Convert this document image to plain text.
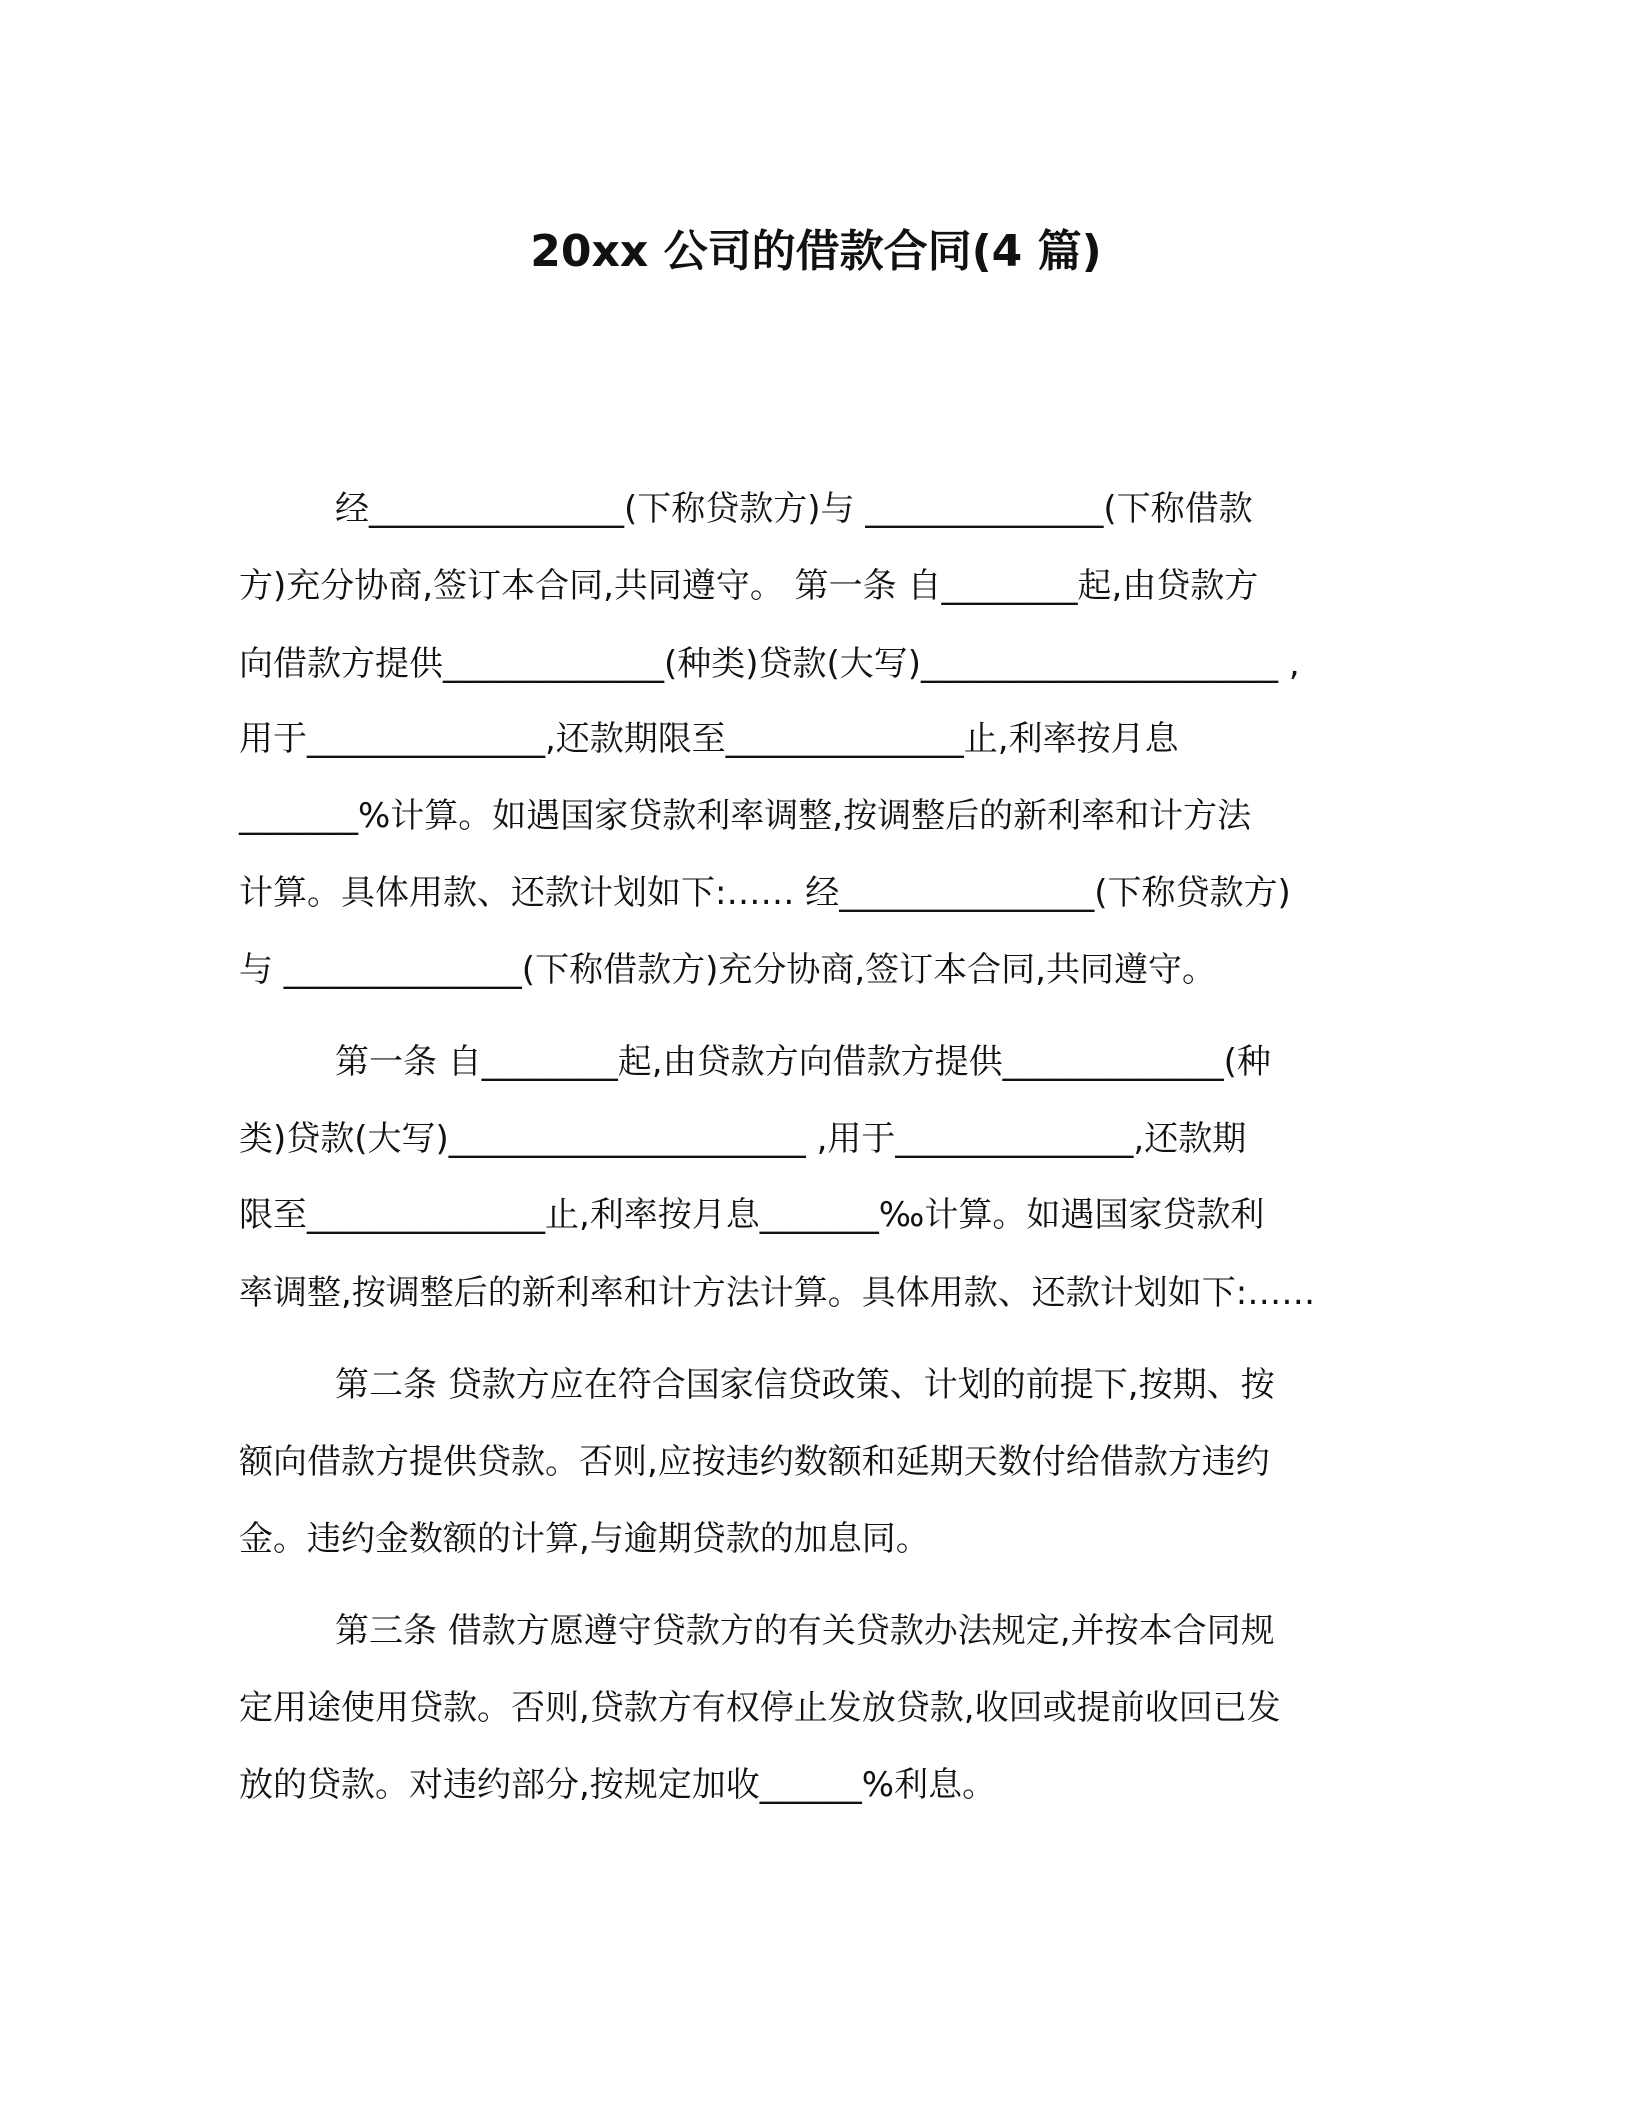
20xx 公司的借款合同(4 篇)
经_______________(下称贷款方)与 ______________(下称借款
方)充分协商,签订本合同,共同遵守。 第一条 自________起,由贷款方
向借款方提供_____________(种类)贷款(大写)_____________________ ,
用于______________,还款期限至______________止,利率按月息
_______%计算。如遇国家贷款利率调整,按调整后的新利率和计方法
计算。具体用款、还款计划如下:…… 经_______________(下称贷款方)
与 ______________(下称借款方)充分协商,签订本合同,共同遵守。
第一条 自________起,由贷款方向借款方提供_____________(种
类)贷款(大写)_____________________ ,用于______________,还款期
限至______________止,利率按月息_______‰计算。如遇国家贷款利
率调整,按调整后的新利率和计方法计算。具体用款、还款计划如下:……
第二条 贷款方应在符合国家信贷政策、计划的前提下,按期、按
额向借款方提供贷款。否则,应按违约数额和延期天数付给借款方违约
金。违约金数额的计算,与逾期贷款的加息同。
第三条 借款方愿遵守贷款方的有关贷款办法规定,并按本合同规
定用途使用贷款。否则,贷款方有权停止发放贷款,收回或提前收回已发
放的贷款。对违约部分,按规定加收______%利息。
